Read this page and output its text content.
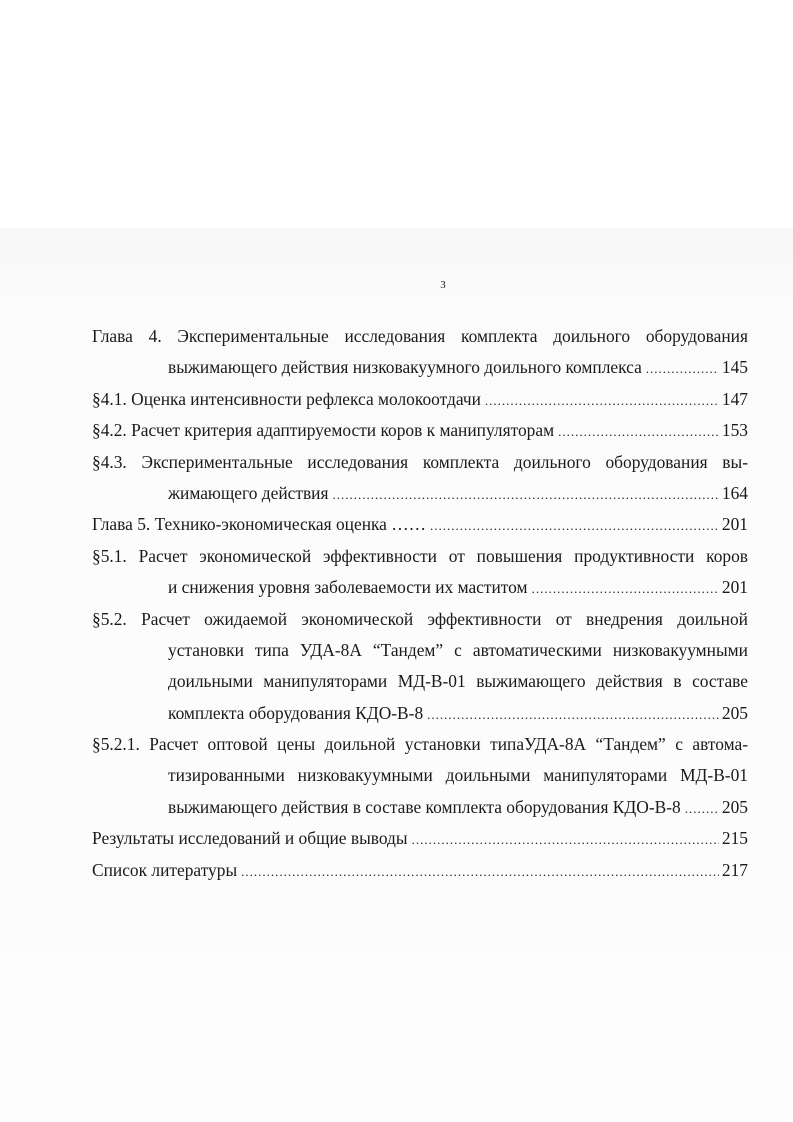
3
Глава 4. Экспериментальные исследования комплекта доильного оборудования
выжимающего действия низковакуумного доильного комплекса .....	145
§4.1. Оценка интенсивности рефлекса молокоотдачи .....	147
§4.2. Расчет критерия адаптируемости коров к манипуляторам .....	153
§4.3. Экспериментальные исследования комплекта доильного оборудования вы-
жимающего действия .....	164
Глава 5. Технико-экономическая оценка …… .....	201
§5.1. Расчет экономической эффективности от повышения продуктивности коров
и снижения уровня заболеваемости их маститом .....	201
§5.2. Расчет ожидаемой экономической эффективности от внедрения доильной
установки типа УДА-8А “Тандем” с автоматическими низковакуумными
доильными манипуляторами МД-В-01 выжимающего действия в составе
комплекта оборудования КДО-В-8 .....	205
§5.2.1. Расчет оптовой цены доильной установки типаУДА-8А “Тандем” с автома-
тизированными низковакуумными доильными манипуляторами МД-В-01
выжимающего действия в составе комплекта оборудования КДО-В-8 ..... 205
Результаты исследований и общие выводы .....	215
Список литературы .....	217
